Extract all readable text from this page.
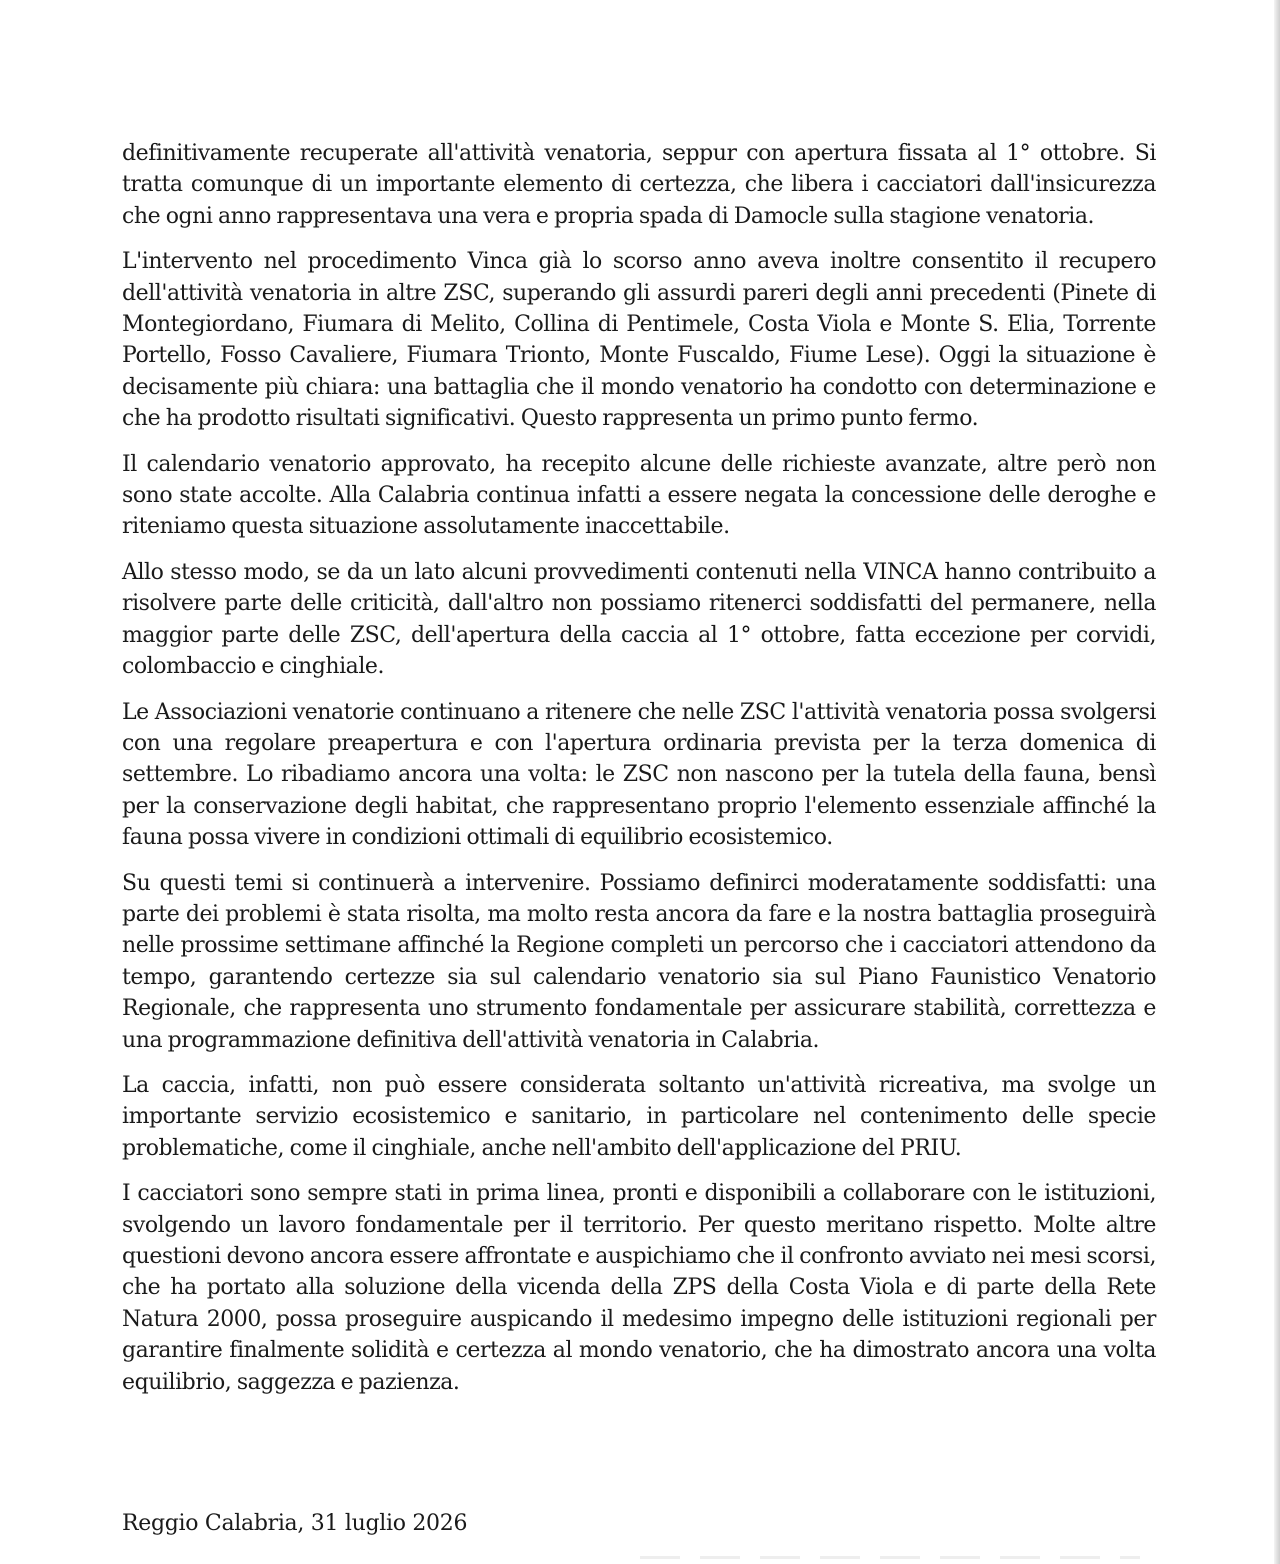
definitivamente recuperate all'attività venatoria, seppur con apertura fissata al 1° ottobre. Si tratta comunque di un importante elemento di certezza, che libera i cacciatori dall'insicurezza che ogni anno rappresentava una vera e propria spada di Damocle sulla stagione venatoria.

L'intervento nel procedimento Vinca già lo scorso anno aveva inoltre consentito il recupero dell'attività venatoria in altre ZSC, superando gli assurdi pareri degli anni precedenti (Pinete di Montegiordano, Fiumara di Melito, Collina di Pentimele, Costa Viola e Monte S. Elia, Torrente Portello, Fosso Cavaliere, Fiumara Trionto, Monte Fuscaldo, Fiume Lese). Oggi la situazione è decisamente più chiara: una battaglia che il mondo venatorio ha condotto con determinazione e che ha prodotto risultati significativi. Questo rappresenta un primo punto fermo.

Il calendario venatorio approvato, ha recepito alcune delle richieste avanzate, altre però non sono state accolte. Alla Calabria continua infatti a essere negata la concessione delle deroghe e riteniamo questa situazione assolutamente inaccettabile.

Allo stesso modo, se da un lato alcuni provvedimenti contenuti nella VINCA hanno contribuito a risolvere parte delle criticità, dall'altro non possiamo ritenerci soddisfatti del permanere, nella maggior parte delle ZSC, dell'apertura della caccia al 1° ottobre, fatta eccezione per corvidi, colombaccio e cinghiale.

Le Associazioni venatorie continuano a ritenere che nelle ZSC l'attività venatoria possa svolgersi con una regolare preapertura e con l'apertura ordinaria prevista per la terza domenica di settembre. Lo ribadiamo ancora una volta: le ZSC non nascono per la tutela della fauna, bensì per la conservazione degli habitat, che rappresentano proprio l'elemento essenziale affinché la fauna possa vivere in condizioni ottimali di equilibrio ecosistemico.

Su questi temi si continuerà a intervenire. Possiamo definirci moderatamente soddisfatti: una parte dei problemi è stata risolta, ma molto resta ancora da fare e la nostra battaglia proseguirà nelle prossime settimane affinché la Regione completi un percorso che i cacciatori attendono da tempo, garantendo certezze sia sul calendario venatorio sia sul Piano Faunistico Venatorio Regionale, che rappresenta uno strumento fondamentale per assicurare stabilità, correttezza e una programmazione definitiva dell'attività venatoria in Calabria.

La caccia, infatti, non può essere considerata soltanto un'attività ricreativa, ma svolge un importante servizio ecosistemico e sanitario, in particolare nel contenimento delle specie problematiche, come il cinghiale, anche nell'ambito dell'applicazione del PRIU.

I cacciatori sono sempre stati in prima linea, pronti e disponibili a collaborare con le istituzioni, svolgendo un lavoro fondamentale per il territorio. Per questo meritano rispetto. Molte altre questioni devono ancora essere affrontate e auspichiamo che il confronto avviato nei mesi scorsi, che ha portato alla soluzione della vicenda della ZPS della Costa Viola e di parte della Rete Natura 2000, possa proseguire auspicando il medesimo impegno delle istituzioni regionali per garantire finalmente solidità e certezza al mondo venatorio, che ha dimostrato ancora una volta equilibrio, saggezza e pazienza.

Reggio Calabria, 31 luglio 2026
